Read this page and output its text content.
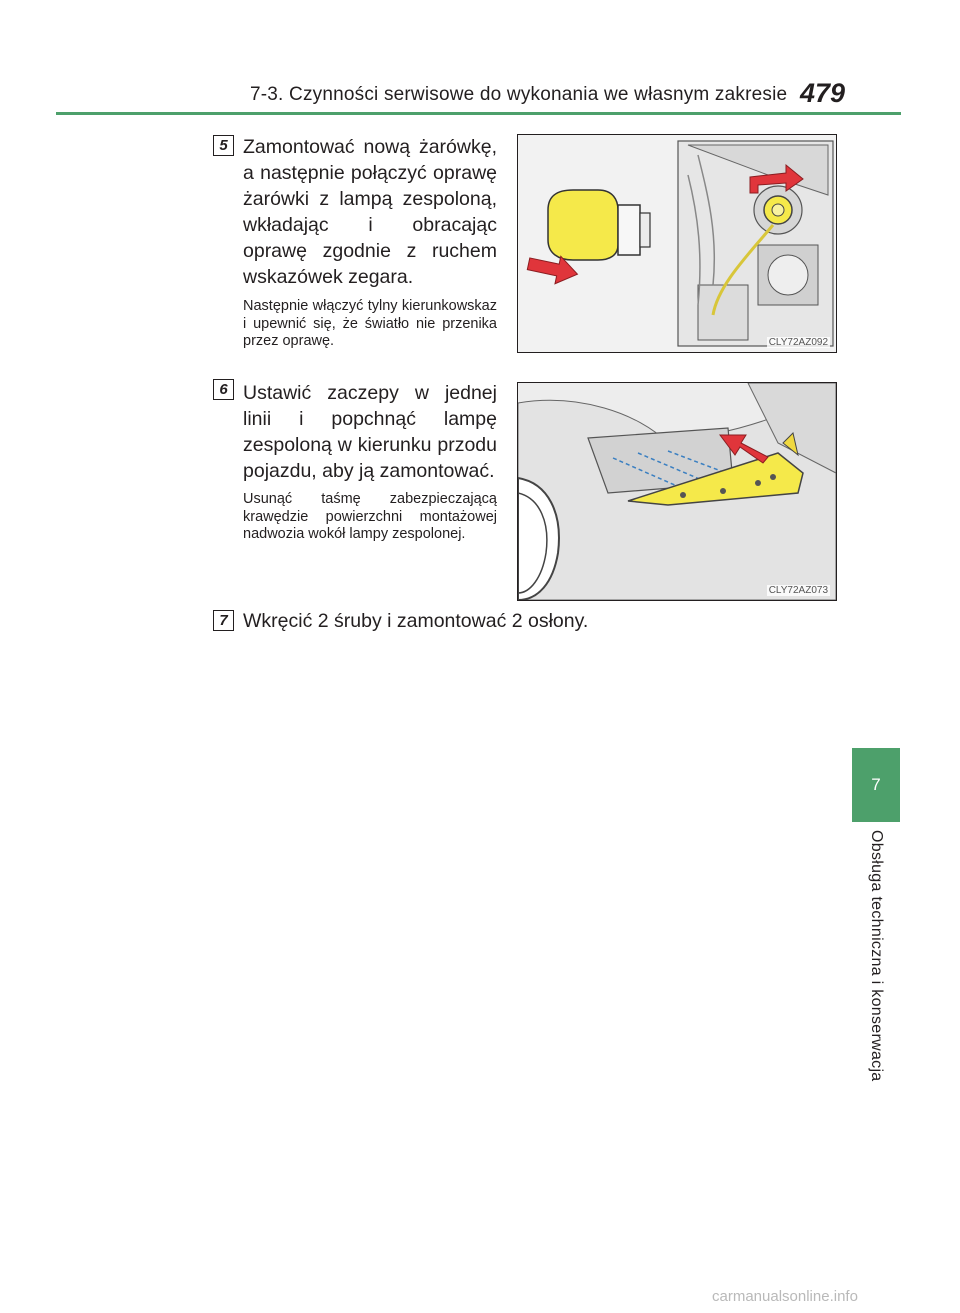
7-3. Czynności serwisowe do wykonania we własnym zakresie 479
7
Obsługa techniczna i konserwacja
5 Zamontować nową żarówkę, a następnie połączyć oprawę żarówki z lampą zespoloną, wkładając i obracając oprawę zgodnie z ruchem wskazówek zegara.
Następnie włączyć tylny kierunkowskaz i upewnić się, że światło nie przenika przez oprawę.	CLY72AZ092
6 Ustawić zaczepy w jednej linii i popchnąć lampę zespoloną w kierunku przodu pojazdu, aby ją zamontować.
Usunąć taśmę zabezpieczającą krawędzie powierzchni montażowej nadwozia wokół lampy zespolonej.
CLY72AZ073
7 Wkręcić 2 śruby i zamontować 2 osłony.
carmanualsonline.info
